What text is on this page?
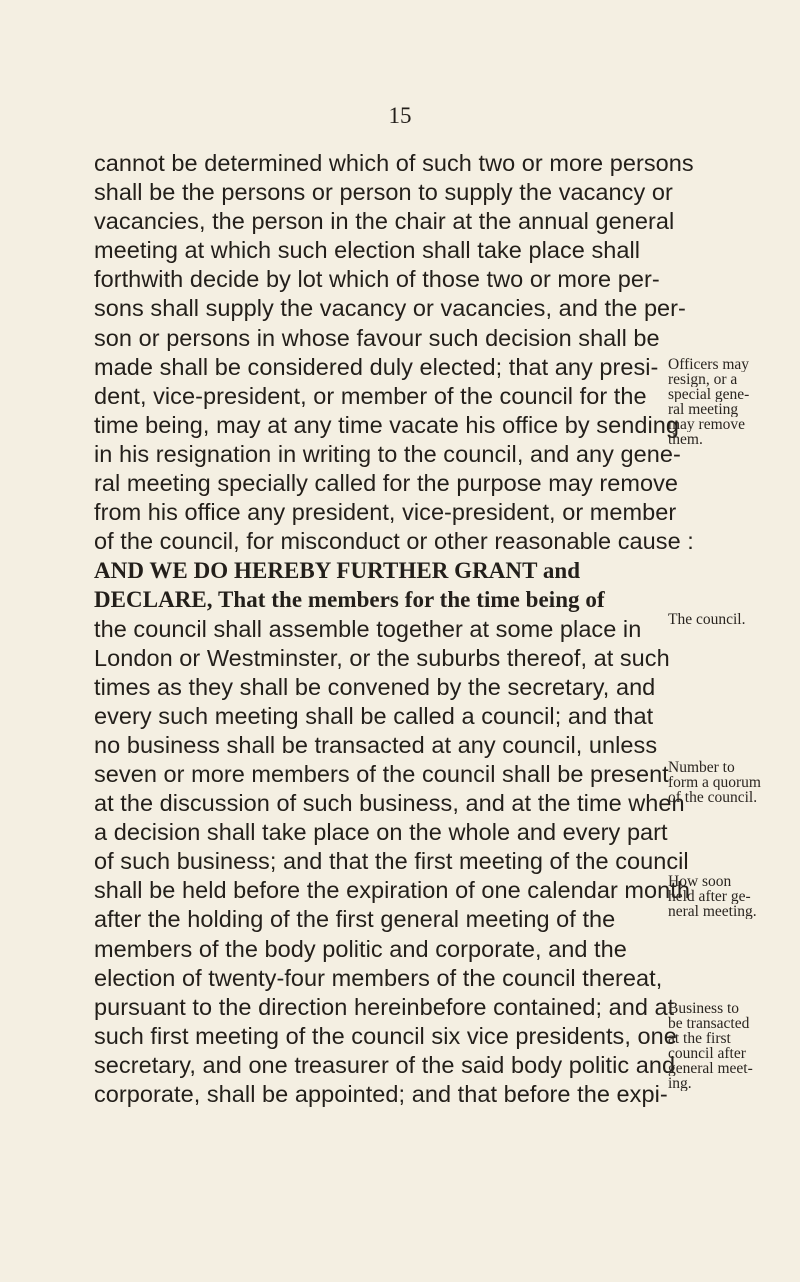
15
cannot be determined which of such two or more persons
shall be the persons or person to supply the vacancy or
vacancies, the person in the chair at the annual general
meeting at which such election shall take place shall
forthwith decide by lot which of those two or more per-
sons shall supply the vacancy or vacancies, and the per-
son or persons in whose favour such decision shall be
made shall be considered duly elected; that any presi-
dent, vice-president, or member of the council for the
time being, may at any time vacate his office by sending
in his resignation in writing to the council, and any gene-
ral meeting specially called for the purpose may remove
from his office any president, vice-president, or member
of the council, for misconduct or other reasonable cause :
AND WE DO HEREBY FURTHER GRANT and
DECLARE, That the members for the time being of
the council shall assemble together at some place in
London or Westminster, or the suburbs thereof, at such
times as they shall be convened by the secretary, and
every such meeting shall be called a council; and that
no business shall be transacted at any council, unless
seven or more members of the council shall be present
at the discussion of such business, and at the time when
a decision shall take place on the whole and every part
of such business; and that the first meeting of the council
shall be held before the expiration of one calendar month
after the holding of the first general meeting of the
members of the body politic and corporate, and the
election of twenty-four members of the council thereat,
pursuant to the direction hereinbefore contained; and at
such first meeting of the council six vice presidents, one
secretary, and one treasurer of the said body politic and
corporate, shall be appointed; and that before the expi-
Officers may
resign, or a
special gene-
ral meeting
may remove
them.
The council.
Number to
form a quorum
of the council.
How soon
held after ge-
neral meeting.
Business to
be transacted
at the first
council after
general meet-
ing.
